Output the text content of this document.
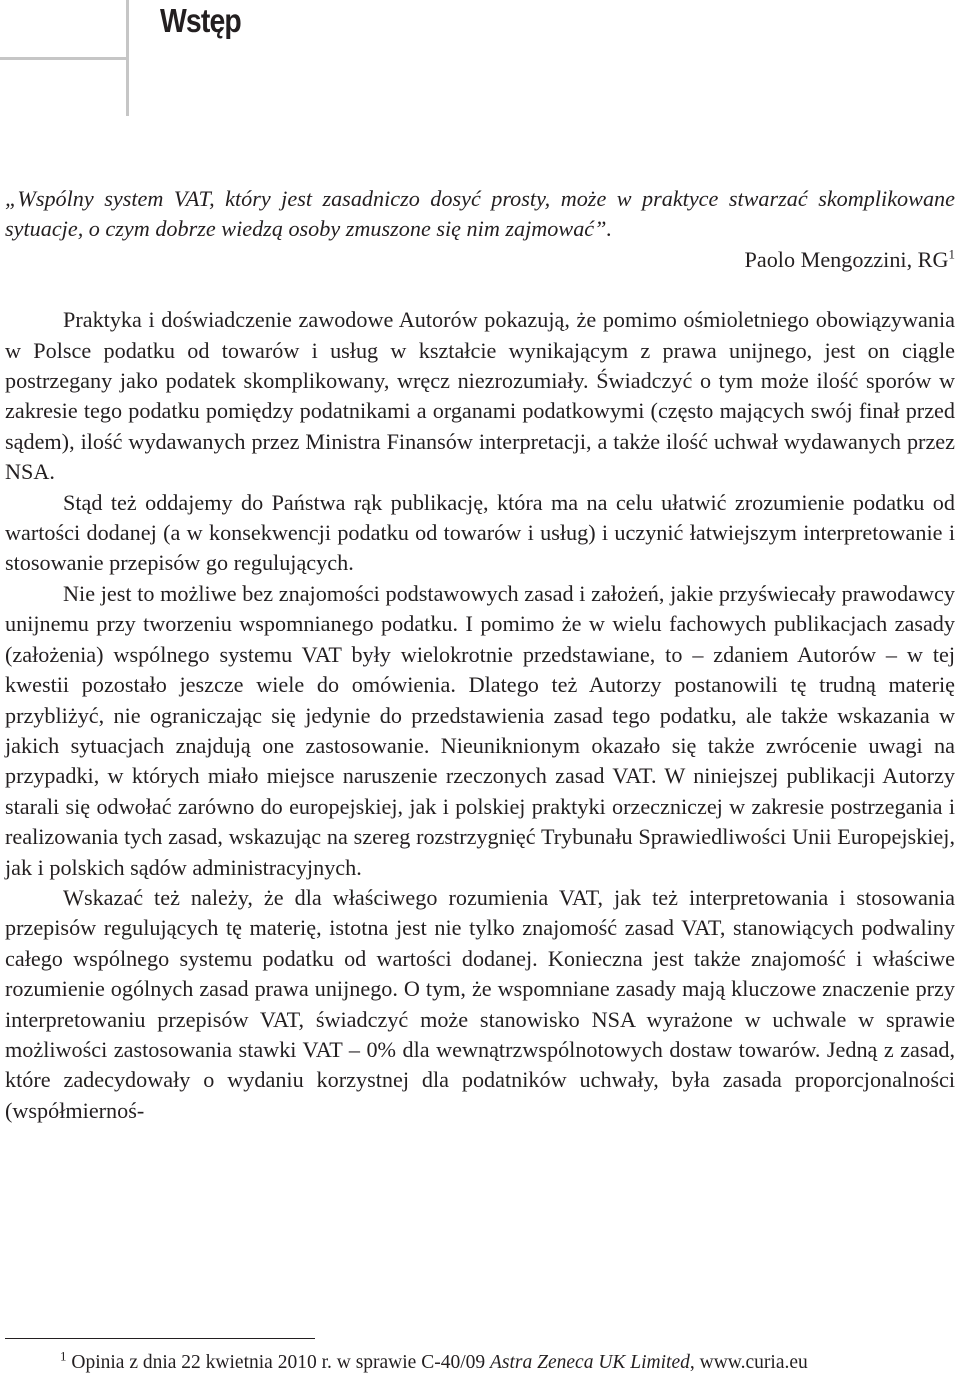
Wstęp

„Wspólny system VAT, który jest zasadniczo dosyć prosty, może w praktyce stwarzać skomplikowane sytuacje, o czym dobrze wiedzą osoby zmuszone się nim zajmować”.

Paolo Mengozzini, $RG^1$

Praktyka i doświadczenie zawodowe Autorów pokazują, że pomimo ośmioletniego obowiązywania w Polsce podatku od towarów i usług w kształcie wynikającym z prawa unijnego, jest on ciągle postrzegany jako podatek skomplikowany, wręcz niezrozumiały. Świadczyć o tym może ilość sporów w zakresie tego podatku pomiędzy podatnikami a organami podatkowymi (często mających swój finał przed sądem), ilość wydawanych przez Ministra Finansów interpretacji, a także ilość uchwał wydawanych przez NSA.

Stąd też oddajemy do Państwa rąk publikację, która ma na celu ułatwić zrozumienie podatku od wartości dodanej (a w konsekwencji podatku od towarów i usług) i uczynić łatwiejszym interpretowanie i stosowanie przepisów go regulujących.

Nie jest to możliwe bez znajomości podstawowych zasad i założeń, jakie przyświecały prawodawcy unijnemu przy tworzeniu wspomnianego podatku. I pomimo że w wielu fachowych publikacjach zasady (założenia) wspólnego systemu VAT były wielokrotnie przedstawiane, to – zdaniem Autorów – w tej kwestii pozostało jeszcze wiele do omówienia. Dlatego też Autorzy postanowili tę trudną materię przybliżyć, nie ograniczając się jedynie do przedstawienia zasad tego podatku, ale także wskazania w jakich sytuacjach znajdują one zastosowanie. Nieuniknionym okazało się także zwrócenie uwagi na przypadki, w których miało miejsce naruszenie rzeczonych zasad VAT. W niniejszej publikacji Autorzy starali się odwołać zarówno do europejskiej, jak i polskiej praktyki orzeczniczej w zakresie postrzegania i realizowania tych zasad, wskazując na szereg rozstrzygnięć Trybunału Sprawiedliwości Unii Europejskiej, jak i polskich sądów administracyjnych.

Wskazać też należy, że dla właściwego rozumienia VAT, jak też interpretowania i stosowania przepisów regulujących tę materię, istotna jest nie tylko znajomość zasad VAT, stanowiących podwaliny całego wspólnego systemu podatku od wartości dodanej. Konieczna jest także znajomość i właściwe rozumienie ogólnych zasad prawa unijnego. O tym, że wspomniane zasady mają kluczowe znaczenie przy interpretowaniu przepisów VAT, świadczyć może stanowisko NSA wyrażone w uchwale w sprawie możliwości zastosowania stawki VAT – 0% dla wewnątrzwspólnotowych dostaw towarów. Jedną z zasad, które zadecydowały o wydaniu korzystnej dla podatników uchwały, była zasada proporcjonalności (współmiernoś-

$^1$ Opinia z dnia 22 kwietnia 2010 r. w sprawie C-40/09 Astra Zeneca UK Limited, www.curia.eu
